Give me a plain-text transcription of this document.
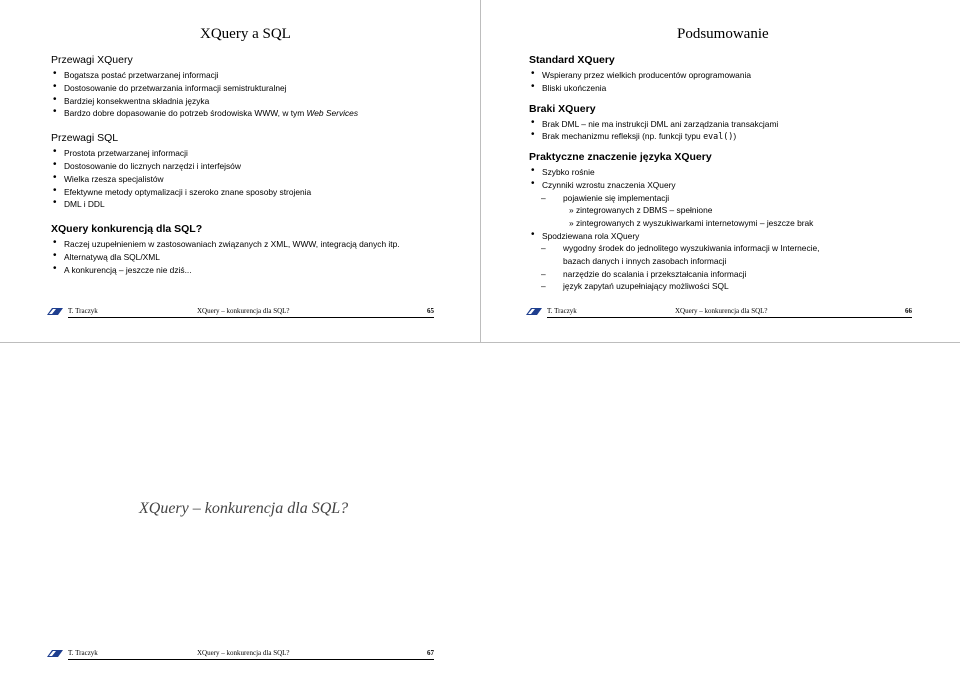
XQuery a SQL

Przewagi XQuery

• Bogatsza postać przetwarzanej informacji
• Dostosowanie do przetwarzania informacji semistrukturalnej
• Bardziej konsekwentna składnia języka
• Bardzo dobre dopasowanie do potrzeb środowiska WWW, w tym Web Services

Przewagi SQL

• Prostota przetwarzanej informacji
• Dostosowanie do licznych narzędzi i interfejsów
• Wielka rzesza specjalistów
• Efektywne metody optymalizacji i szeroko znane sposoby strojenia
• DML i DDL

XQuery konkurencją dla SQL?

• Raczej uzupełnieniem w zastosowaniach związanych z XML, WWW, integracją danych itp.
• Alternatywą dla SQL/XML
• A konkurencją – jeszcze nie dziś...
T. Traczyk	XQuery – konkurencja dla SQL?	65
Podsumowanie

Standard XQuery

• Wspierany przez wielkich producentów oprogramowania
• Bliski ukończenia

Braki XQuery

• Brak DML – nie ma instrukcji DML ani zarządzania transakcjami
• Brak mechanizmu refleksji (np. funkcji typu eval())

Praktyczne znaczenie języka XQuery

• Szybko rośnie
• Czynniki wzrostu znaczenia XQuery
– pojawienie się implementacji
» zintegrowanych z DBMS – spełnione
» zintegrowanych z wyszukiwarkami internetowymi – jeszcze brak
• Spodziewana rola XQuery
– wygodny środek do jednolitego wyszukiwania informacji w Internecie,
bazach danych i innych zasobach informacji
– narzędzie do scalania i przekształcania informacji
– język zapytań uzupełniający możliwości SQL
T. Traczyk	XQuery – konkurencja dla SQL?	66
XQuery – konkurencja dla SQL?
T. Traczyk	XQuery – konkurencja dla SQL?	67
